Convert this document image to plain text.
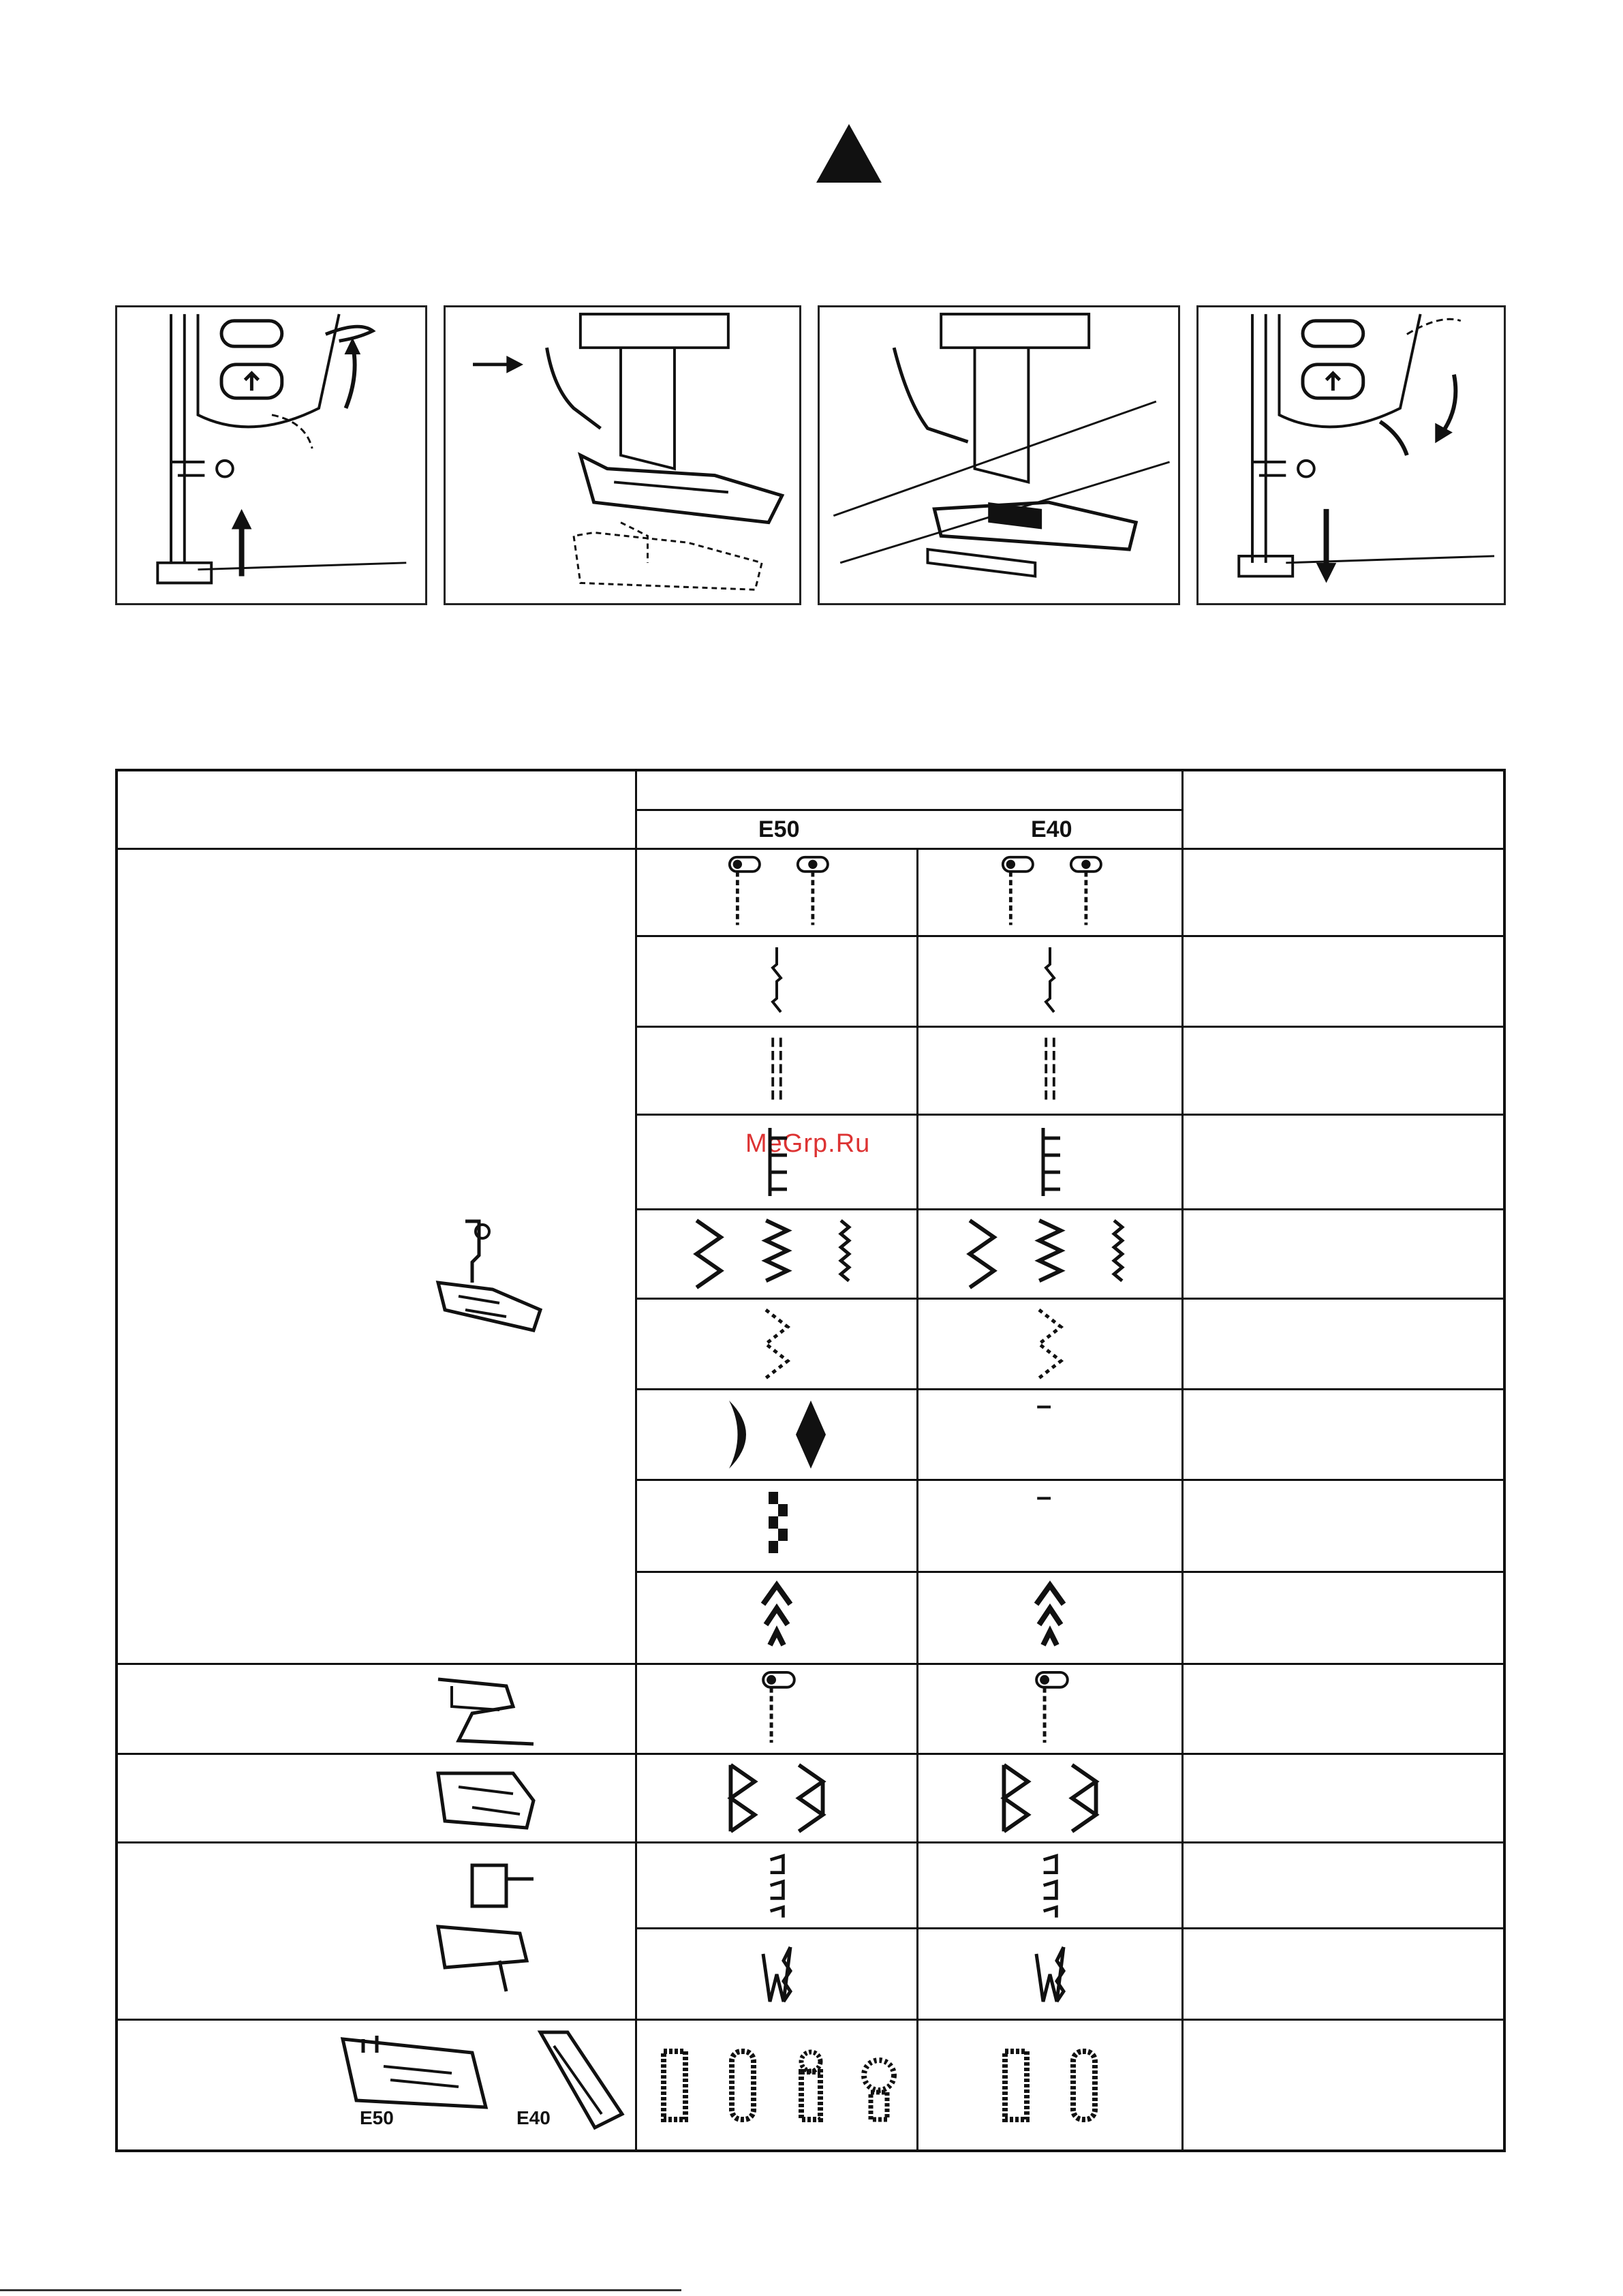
MeGrp.Ru
E50	E40
E50	E40
–
–
